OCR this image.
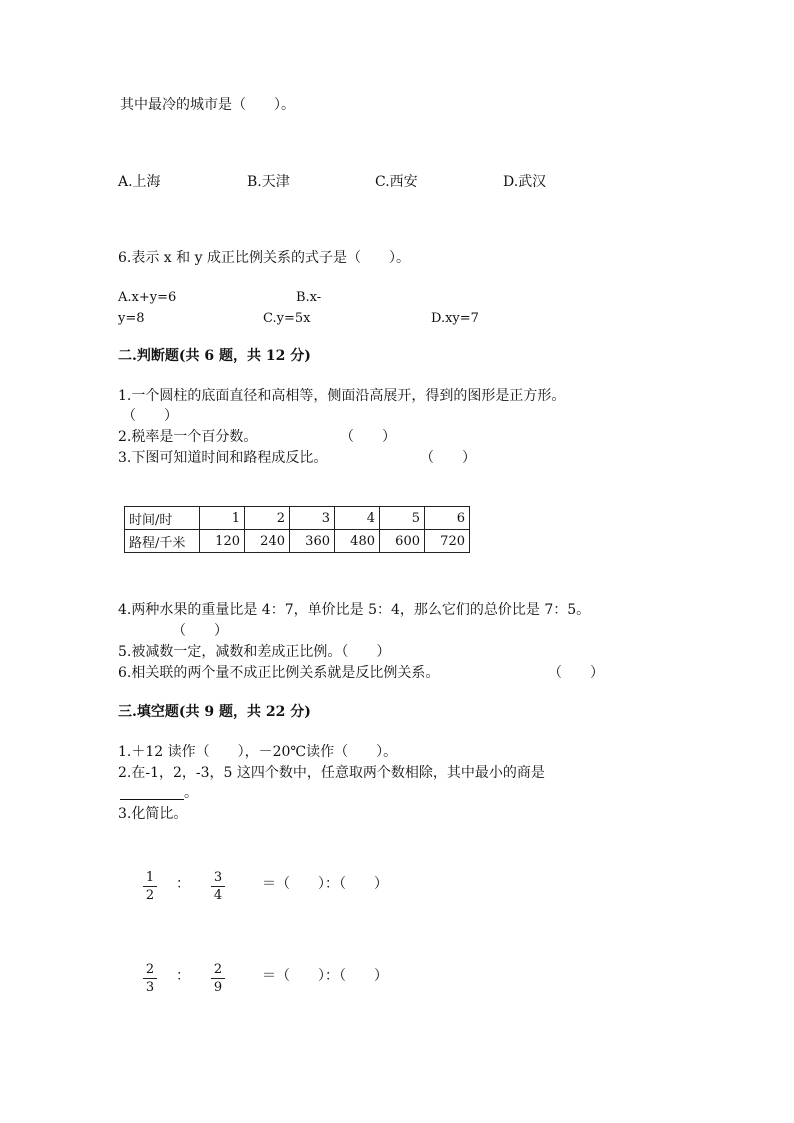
其中最冷的城市是（　　）。
A.上海	B.天津	C.西安	D.武汉
6.表示 x 和 y 成正比例关系的式子是（　　）。
A.x+y=6	B.x-
y=8	C.y=5x	D.xy=7
二.判断题(共 6 题，共 12 分)
1.一个圆柱的底面直径和高相等，侧面沿高展开，得到的图形是正方形。
（　　）
2.税率是一个百分数。	（　　）
3.下图可知道时间和路程成反比。	（　　）
时间/时	1	2	3	4	5	6
路程/千米	120	240	360	480	600	720
4.两种水果的重量比是 4：7，单价比是 5：4，那么它们的总价比是 7：5。
（　　）
5.被减数一定，减数和差成正比例。（　　）
6.相关联的两个量不成正比例关系就是反比例关系。	（　　）
三.填空题(共 9 题，共 22 分)
1.＋12 读作（　　），－20℃读作（　　）。
2.在-1，2，-3，5 这四个数中，任意取两个数相除，其中最小的商是
。
3.化简比。
1
2
： 3
4
＝（　　）：（　　）
2
3
： 2
9
＝（　　）：（　　）
